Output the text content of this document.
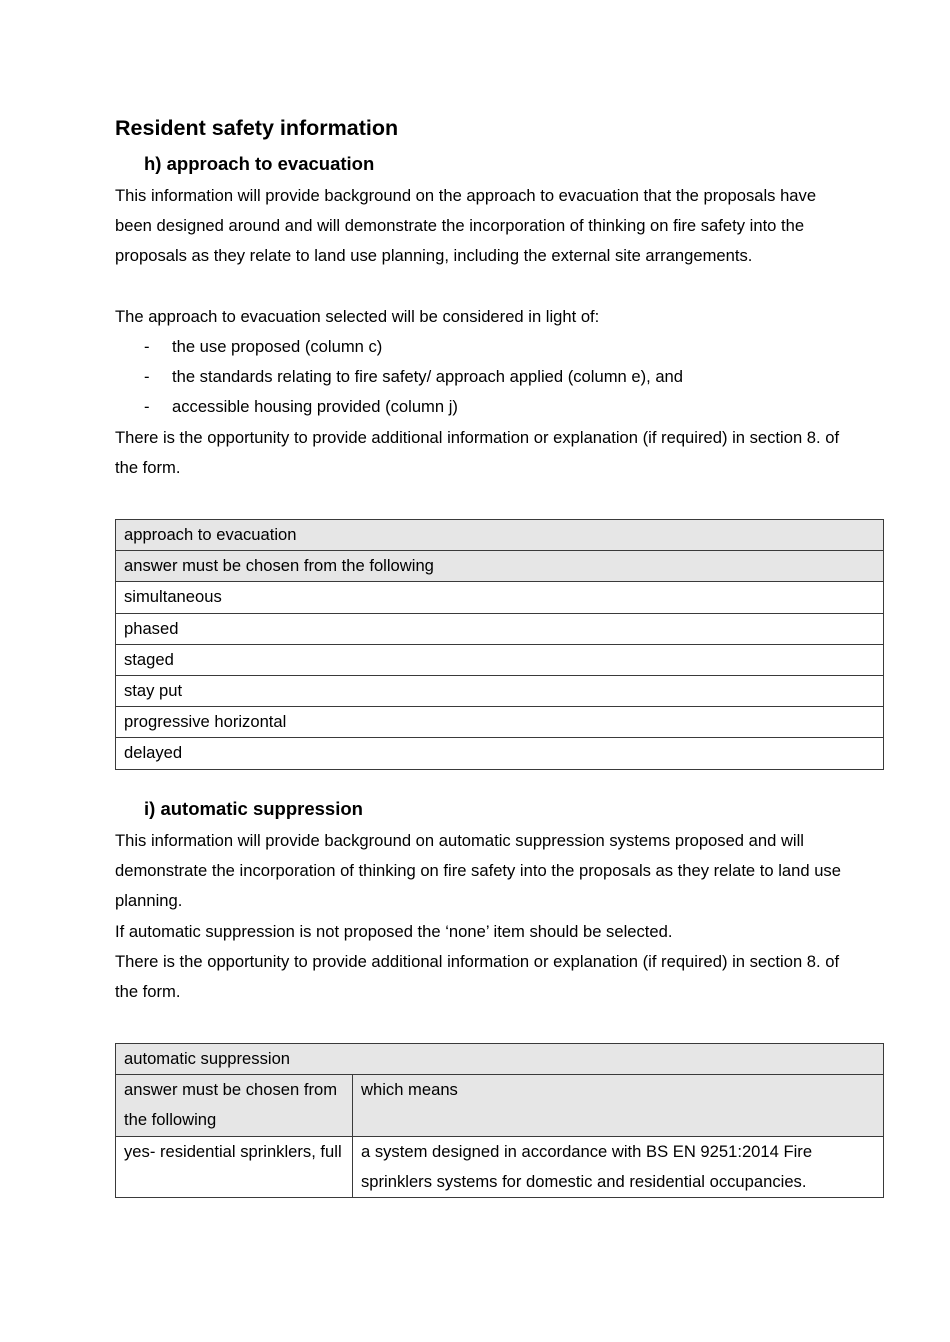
Resident safety information
h) approach to evacuation

This information will provide background on the approach to evacuation that the proposals have been designed around and will demonstrate the incorporation of thinking on fire safety into the proposals as they relate to land use planning, including the external site arrangements.

The approach to evacuation selected will be considered in light of:

- the use proposed (column c)
- the standards relating to fire safety/ approach applied (column e), and
- accessible housing provided (column j)

There is the opportunity to provide additional information or explanation (if required) in section 8. of the form.

approach to evacuation
answer must be chosen from the following
simultaneous
phased
staged
stay put
progressive horizontal
delayed
i) automatic suppression

This information will provide background on automatic suppression systems proposed and will demonstrate the incorporation of thinking on fire safety into the proposals as they relate to land use planning.

If automatic suppression is not proposed the ‘none’ item should be selected.

There is the opportunity to provide additional information or explanation (if required) in section 8. of the form.

automatic suppression	
answer must be chosen from the following	which means
yes- residential sprinklers, full	a system designed in accordance with BS EN 9251:2014 Fire sprinklers systems for domestic and residential occupancies.
